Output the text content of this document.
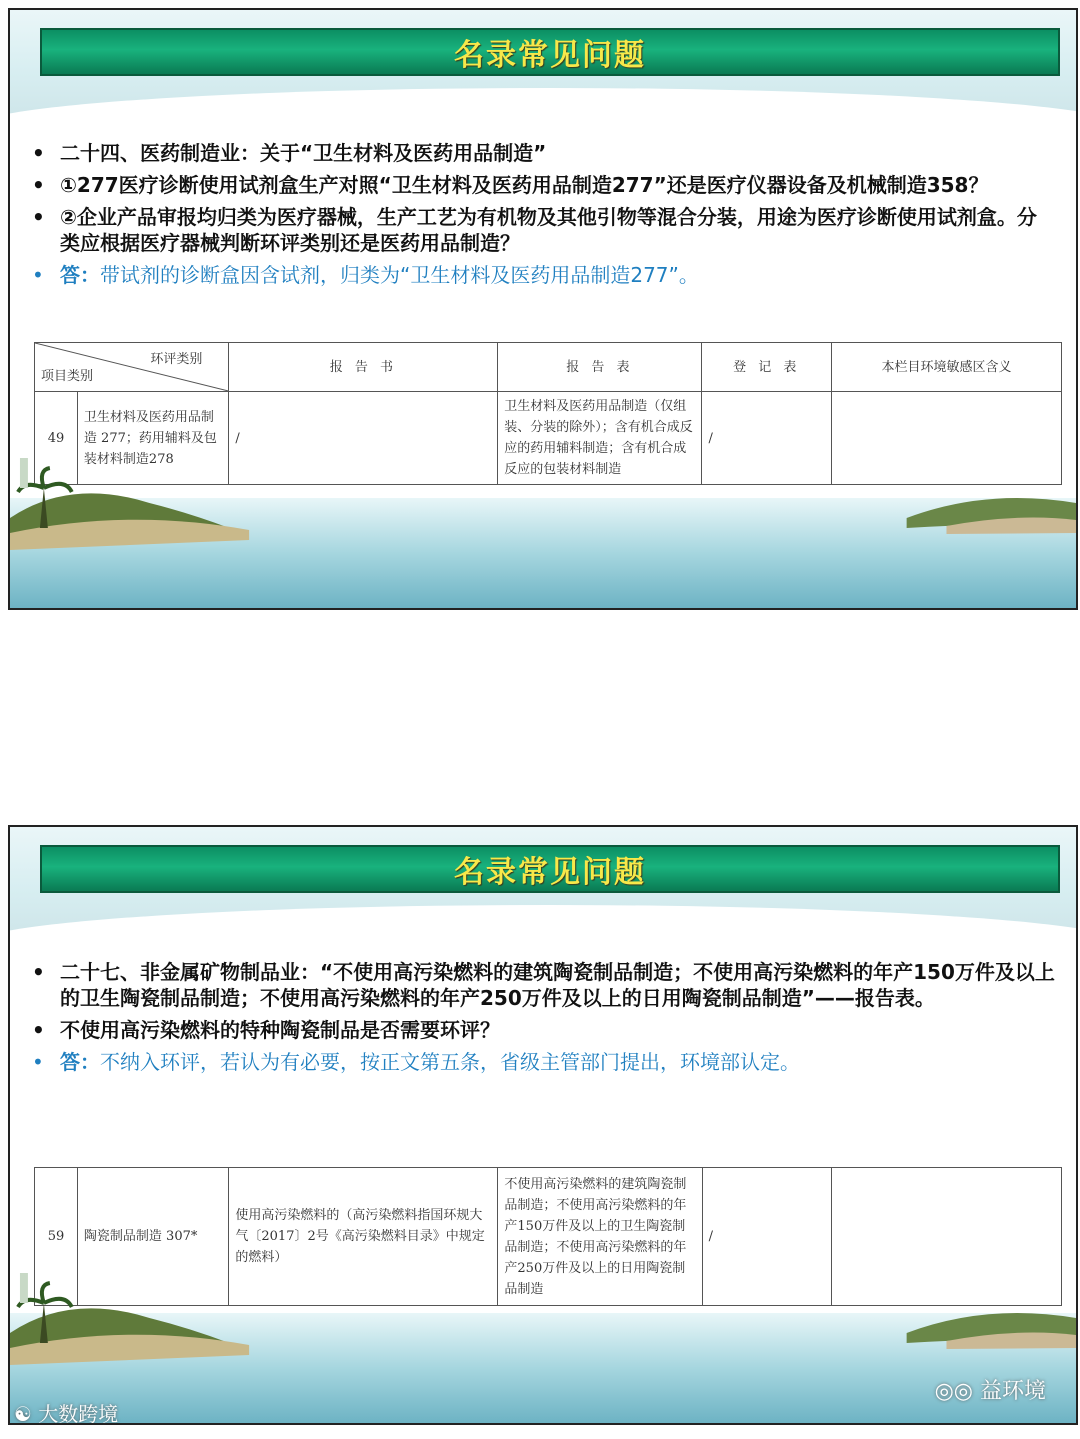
名录常见问题
• 二十四、医药制造业：关于“卫生材料及医药用品制造”
• ①277医疗诊断使用试剂盒生产对照“卫生材料及医药用品制造277”还是医疗仪器设备及机械制造358？
• ②企业产品审报均归类为医疗器械，生产工艺为有机物及其他引物等混合分装，用途为医疗诊断使用试剂盒。分类应根据医疗器械判断环评类别还是医药用品制造？
• 答：带试剂的诊断盒因含试剂，归类为“卫生材料及医药用品制造277”。
环评类别
项目类别		报 告 书	报 告 表	登 记 表	本栏目环境敏感区含义
49	卫生材料及医药用品制造 277；药用辅料及包装材料制造278	/	卫生材料及医药用品制造（仅组装、分装的除外）；含有机合成反应的药用辅料制造；含有机合成反应的包装材料制造	/	
名录常见问题
• 二十七、非金属矿物制品业：“不使用高污染燃料的建筑陶瓷制品制造；不使用高污染燃料的年产150万件及以上的卫生陶瓷制品制造；不使用高污染燃料的年产250万件及以上的日用陶瓷制品制造”——报告表。
• 不使用高污染燃料的特种陶瓷制品是否需要环评？
• 答：不纳入环评，若认为有必要，按正文第五条，省级主管部门提出，环境部认定。
59	陶瓷制品制造 307*	使用高污染燃料的（高污染燃料指国环规大气〔2017〕2号《高污染燃料目录》中规定的燃料）	不使用高污染燃料的建筑陶瓷制品制造；不使用高污染燃料的年产150万件及以上的卫生陶瓷制品制造；不使用高污染燃料的年产250万件及以上的日用陶瓷制品制造	/	
◎◎ 益环境
☯ 大数跨境
